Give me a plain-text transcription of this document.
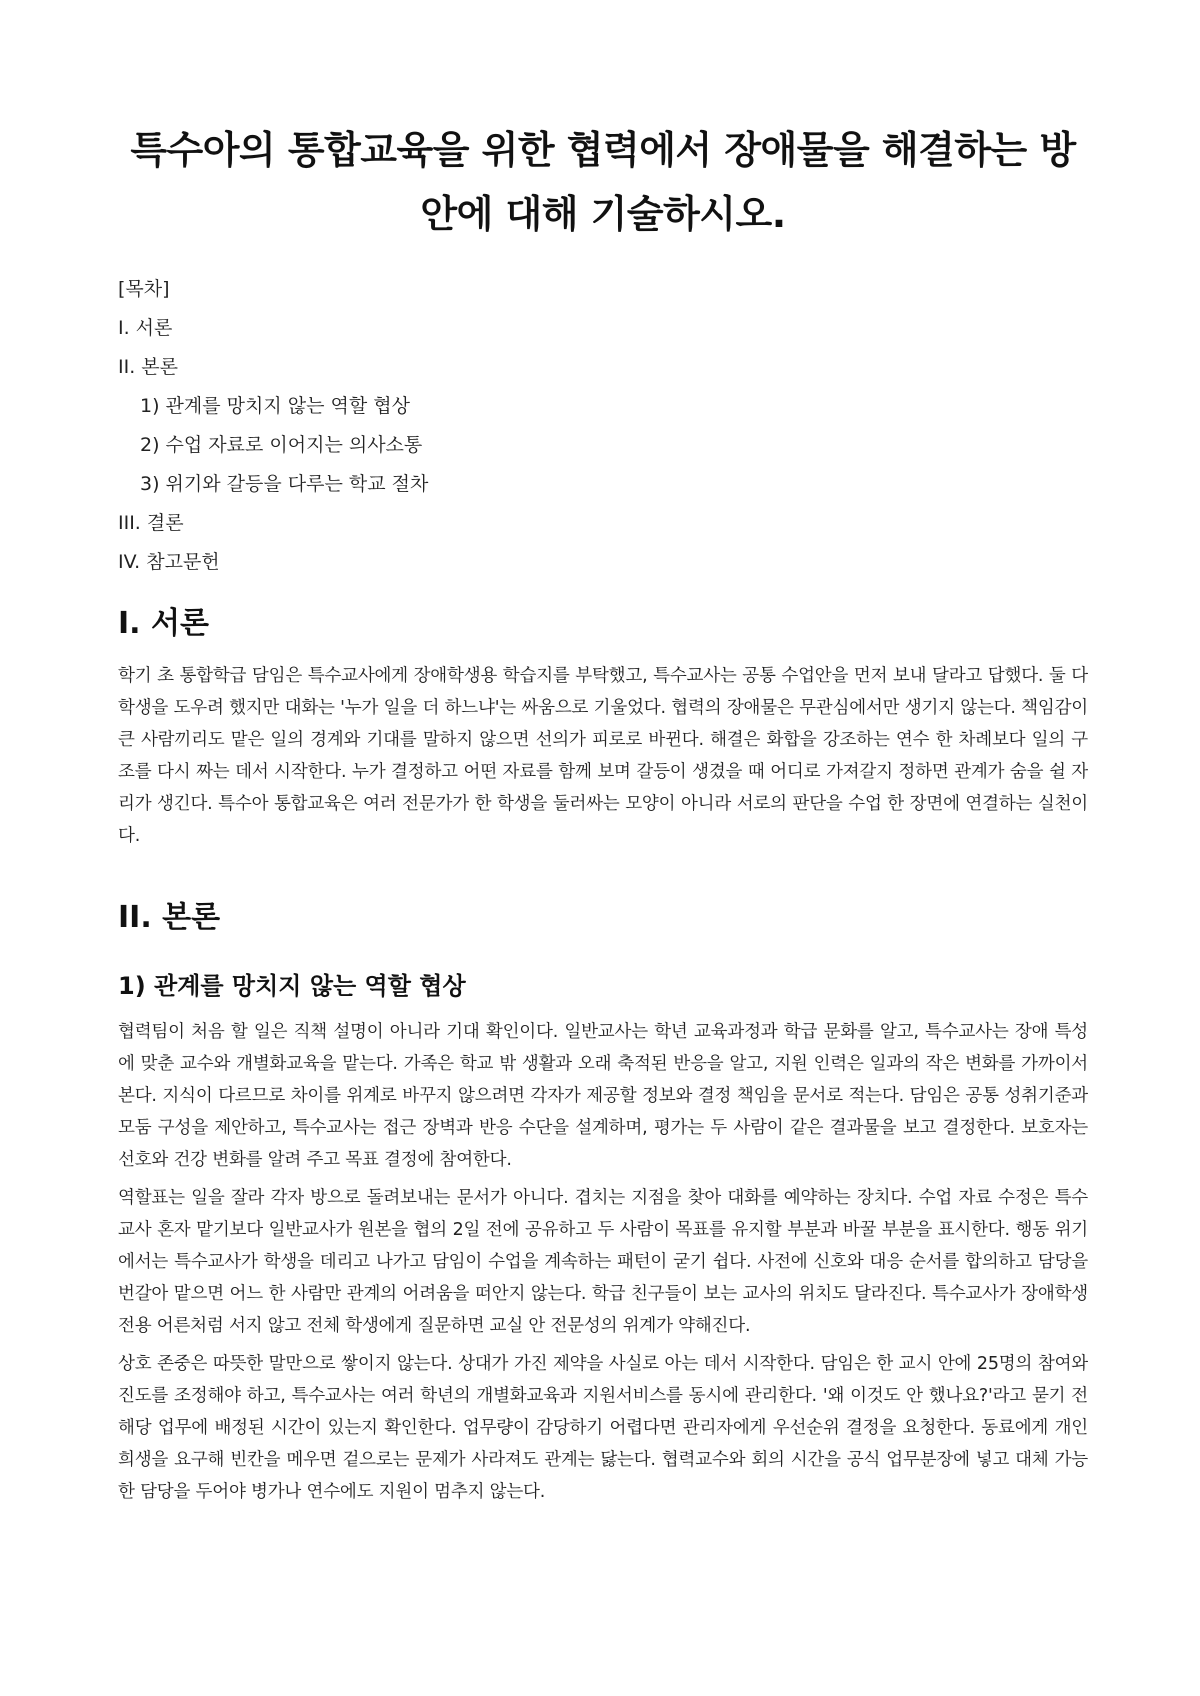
특수아의 통합교육을 위한 협력에서 장애물을 해결하는 방안에 대해 기술하시오.
[목차]
I. 서론
II. 본론
1) 관계를 망치지 않는 역할 협상
2) 수업 자료로 이어지는 의사소통
3) 위기와 갈등을 다루는 학교 절차
III. 결론
IV. 참고문헌
I. 서론

학기 초 통합학급 담임은 특수교사에게 장애학생용 학습지를 부탁했고, 특수교사는 공통 수업안을 먼저 보내 달라고 답했다. 둘 다 학생을 도우려 했지만 대화는 '누가 일을 더 하느냐'는 싸움으로 기울었다. 협력의 장애물은 무관심에서만 생기지 않는다. 책임감이 큰 사람끼리도 맡은 일의 경계와 기대를 말하지 않으면 선의가 피로로 바뀐다. 해결은 화합을 강조하는 연수 한 차례보다 일의 구조를 다시 짜는 데서 시작한다. 누가 결정하고 어떤 자료를 함께 보며 갈등이 생겼을 때 어디로 가져갈지 정하면 관계가 숨을 쉴 자리가 생긴다. 특수아 통합교육은 여러 전문가가 한 학생을 둘러싸는 모양이 아니라 서로의 판단을 수업 한 장면에 연결하는 실천이다.

II. 본론
1) 관계를 망치지 않는 역할 협상

협력팀이 처음 할 일은 직책 설명이 아니라 기대 확인이다. 일반교사는 학년 교육과정과 학급 문화를 알고, 특수교사는 장애 특성에 맞춘 교수와 개별화교육을 맡는다. 가족은 학교 밖 생활과 오래 축적된 반응을 알고, 지원 인력은 일과의 작은 변화를 가까이서 본다. 지식이 다르므로 차이를 위계로 바꾸지 않으려면 각자가 제공할 정보와 결정 책임을 문서로 적는다. 담임은 공통 성취기준과 모둠 구성을 제안하고, 특수교사는 접근 장벽과 반응 수단을 설계하며, 평가는 두 사람이 같은 결과물을 보고 결정한다. 보호자는 선호와 건강 변화를 알려 주고 목표 결정에 참여한다.

역할표는 일을 잘라 각자 방으로 돌려보내는 문서가 아니다. 겹치는 지점을 찾아 대화를 예약하는 장치다. 수업 자료 수정은 특수교사 혼자 맡기보다 일반교사가 원본을 협의 2일 전에 공유하고 두 사람이 목표를 유지할 부분과 바꿀 부분을 표시한다. 행동 위기에서는 특수교사가 학생을 데리고 나가고 담임이 수업을 계속하는 패턴이 굳기 쉽다. 사전에 신호와 대응 순서를 합의하고 담당을 번갈아 맡으면 어느 한 사람만 관계의 어려움을 떠안지 않는다. 학급 친구들이 보는 교사의 위치도 달라진다. 특수교사가 장애학생 전용 어른처럼 서지 않고 전체 학생에게 질문하면 교실 안 전문성의 위계가 약해진다.

상호 존중은 따뜻한 말만으로 쌓이지 않는다. 상대가 가진 제약을 사실로 아는 데서 시작한다. 담임은 한 교시 안에 25명의 참여와 진도를 조정해야 하고, 특수교사는 여러 학년의 개별화교육과 지원서비스를 동시에 관리한다. '왜 이것도 안 했나요?'라고 묻기 전 해당 업무에 배정된 시간이 있는지 확인한다. 업무량이 감당하기 어렵다면 관리자에게 우선순위 결정을 요청한다. 동료에게 개인 희생을 요구해 빈칸을 메우면 겉으로는 문제가 사라져도 관계는 닳는다. 협력교수와 회의 시간을 공식 업무분장에 넣고 대체 가능한 담당을 두어야 병가나 연수에도 지원이 멈추지 않는다.
